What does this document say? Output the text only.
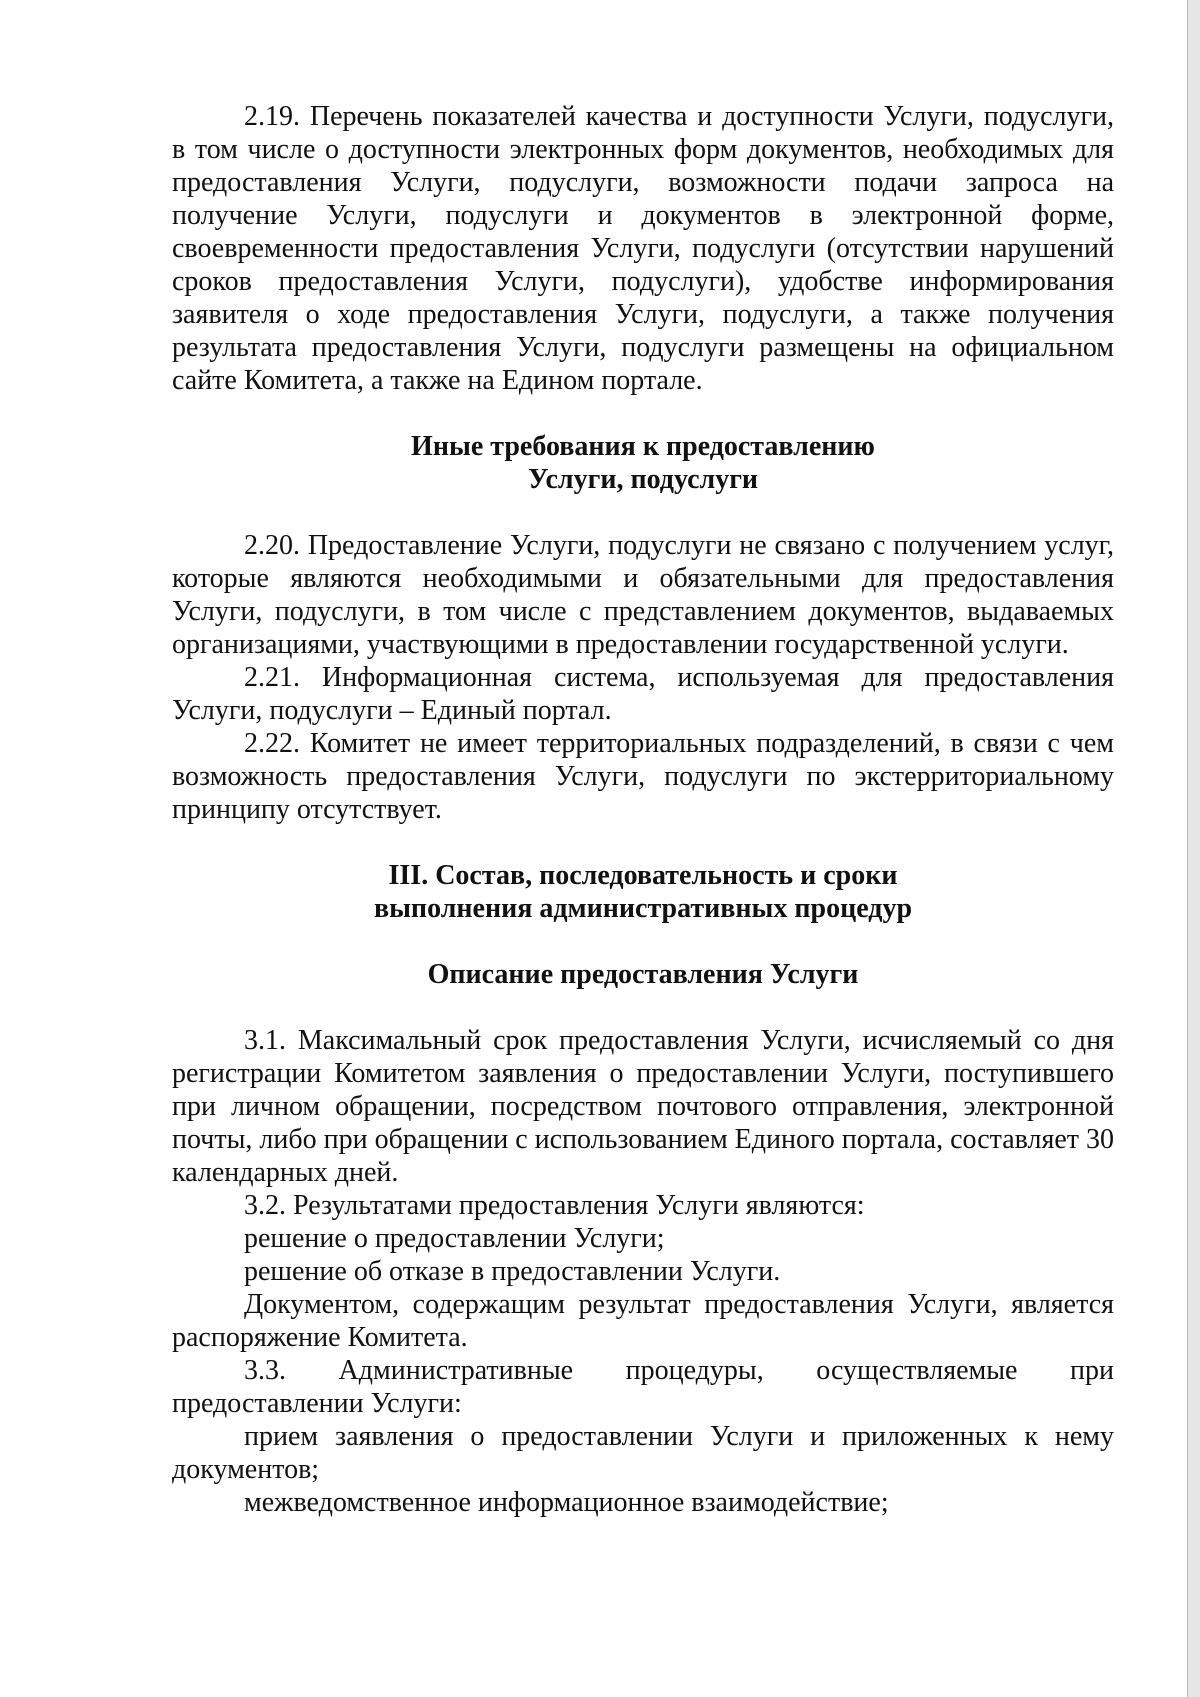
2.19. Перечень показателей качества и доступности Услуги, подуслуги, в том числе о доступности электронных форм документов, необходимых для предоставления Услуги, подуслуги, возможности подачи запроса на получение Услуги, подуслуги и документов в электронной форме, своевременности предоставления Услуги, подуслуги (отсутствии нарушений сроков предоставления Услуги, подуслуги), удобстве информирования заявителя о ходе предоставления Услуги, подуслуги, а также получения результата предоставления Услуги, подуслуги размещены на официальном сайте Комитета, а также на Едином портале.

Иные требования к предоставлению

Услуги, подуслуги

2.20. Предоставление Услуги, подуслуги не связано с получением услуг, которые являются необходимыми и обязательными для предоставления Услуги, подуслуги, в том числе с представлением документов, выдаваемых организациями, участвующими в предоставлении государственной услуги.

2.21. Информационная система, используемая для предоставления Услуги, подуслуги – Единый портал.

2.22. Комитет не имеет территориальных подразделений, в связи с чем возможность предоставления Услуги, подуслуги по экстерриториальному принципу отсутствует.

III. Состав, последовательность и сроки

выполнения административных процедур

Описание предоставления Услуги

3.1. Максимальный срок предоставления Услуги, исчисляемый со дня регистрации Комитетом заявления о предоставлении Услуги, поступившего при личном обращении, посредством почтового отправления, электронной почты, либо при обращении с использованием Единого портала, составляет 30 календарных дней.

3.2. Результатами предоставления Услуги являются:

решение о предоставлении Услуги;

решение об отказе в предоставлении Услуги.

Документом, содержащим результат предоставления Услуги, является распоряжение Комитета.

3.3. Административные процедуры, осуществляемые при предоставлении Услуги:

прием заявления о предоставлении Услуги и приложенных к нему документов;

межведомственное информационное взаимодействие;
